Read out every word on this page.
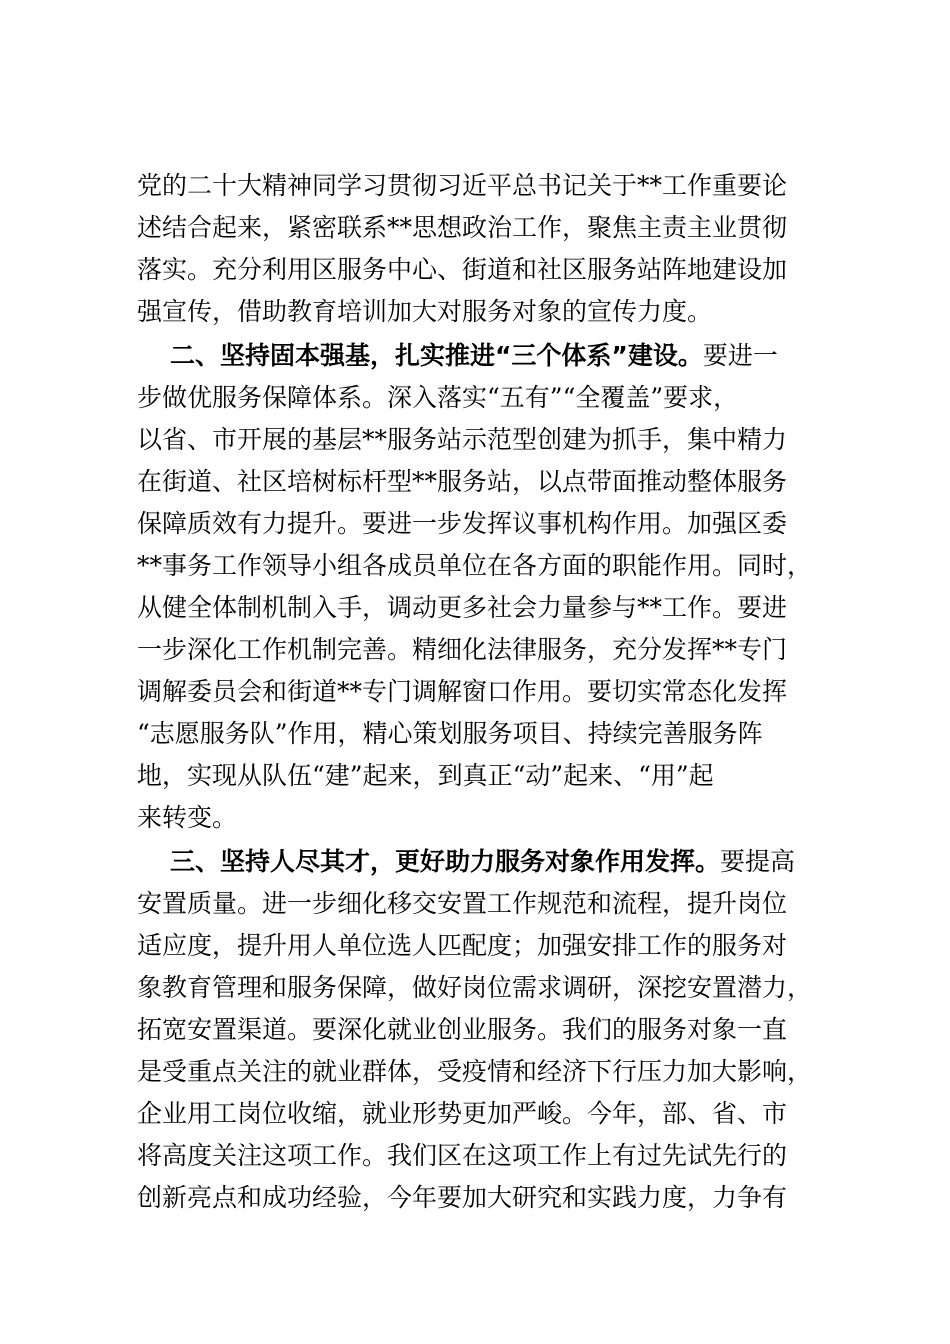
党的二十大精神同学习贯彻习近平总书记关于**工作重要论
述结合起来，紧密联系**思想政治工作，聚焦主责主业贯彻
落实。充分利用区服务中心、街道和社区服务站阵地建设加
强宣传，借助教育培训加大对服务对象的宣传力度。
二、坚持固本强基，扎实推进“三个体系”建设。要进一
步做优服务保障体系。深入落实“五有”“全覆盖”要求，
以省、市开展的基层**服务站示范型创建为抓手，集中精力
在街道、社区培树标杆型**服务站，以点带面推动整体服务
保障质效有力提升。要进一步发挥议事机构作用。加强区委
**事务工作领导小组各成员单位在各方面的职能作用。同时，
从健全体制机制入手，调动更多社会力量参与**工作。要进
一步深化工作机制完善。精细化法律服务，充分发挥**专门
调解委员会和街道**专门调解窗口作用。要切实常态化发挥
“志愿服务队”作用，精心策划服务项目、持续完善服务阵
地，实现从队伍“建”起来，到真正“动”起来、“用”起
来转变。
三、坚持人尽其才，更好助力服务对象作用发挥。要提高
安置质量。进一步细化移交安置工作规范和流程，提升岗位
适应度，提升用人单位选人匹配度；加强安排工作的服务对
象教育管理和服务保障，做好岗位需求调研，深挖安置潜力，
拓宽安置渠道。要深化就业创业服务。我们的服务对象一直
是受重点关注的就业群体，受疫情和经济下行压力加大影响，
企业用工岗位收缩，就业形势更加严峻。今年，部、省、市
将高度关注这项工作。我们区在这项工作上有过先试先行的
创新亮点和成功经验，今年要加大研究和实践力度，力争有
